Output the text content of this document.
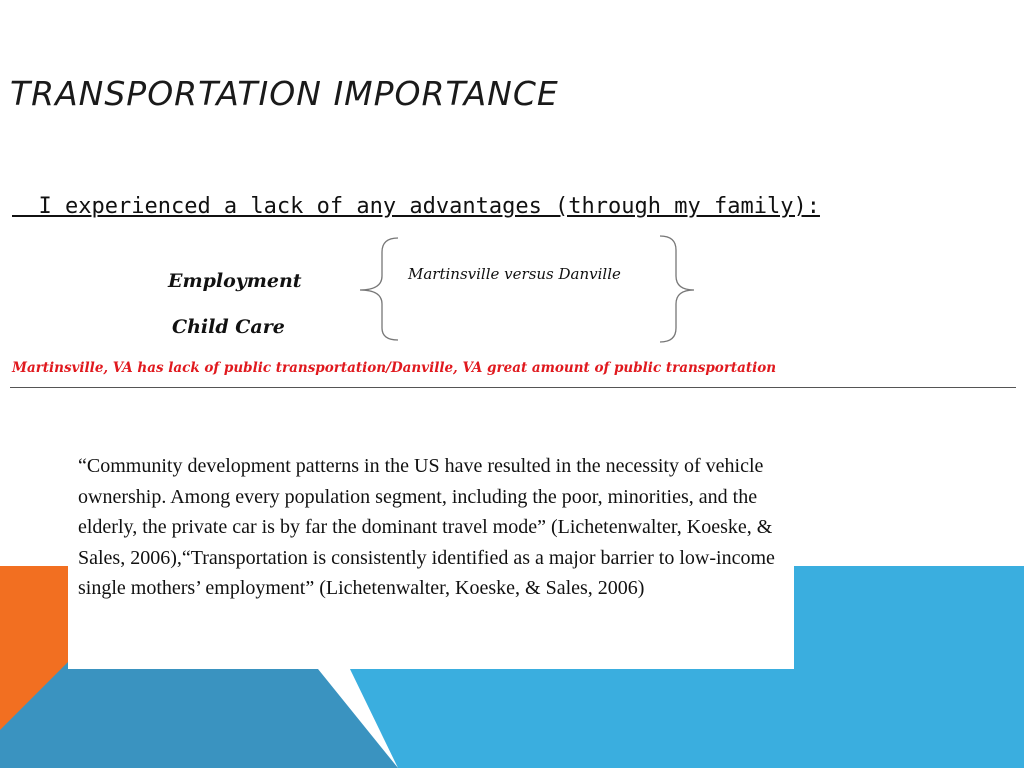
TRANSPORTATION IMPORTANCE
I experienced a lack of any advantages (through my family):
Employment
Child Care
Martinsville versus Danville
Martinsville, VA has lack of public transportation/Danville, VA great amount of public transportation

“Community development patterns in the US have resulted in the necessity of vehicle ownership. Among every population segment, including the poor, minorities, and the elderly, the private car is by far the dominant travel mode” (Lichetenwalter, Koeske, & Sales, 2006),“Transportation is consistently identified as a major barrier to low-income single mothers’ employment” (Lichetenwalter, Koeske, & Sales, 2006)
